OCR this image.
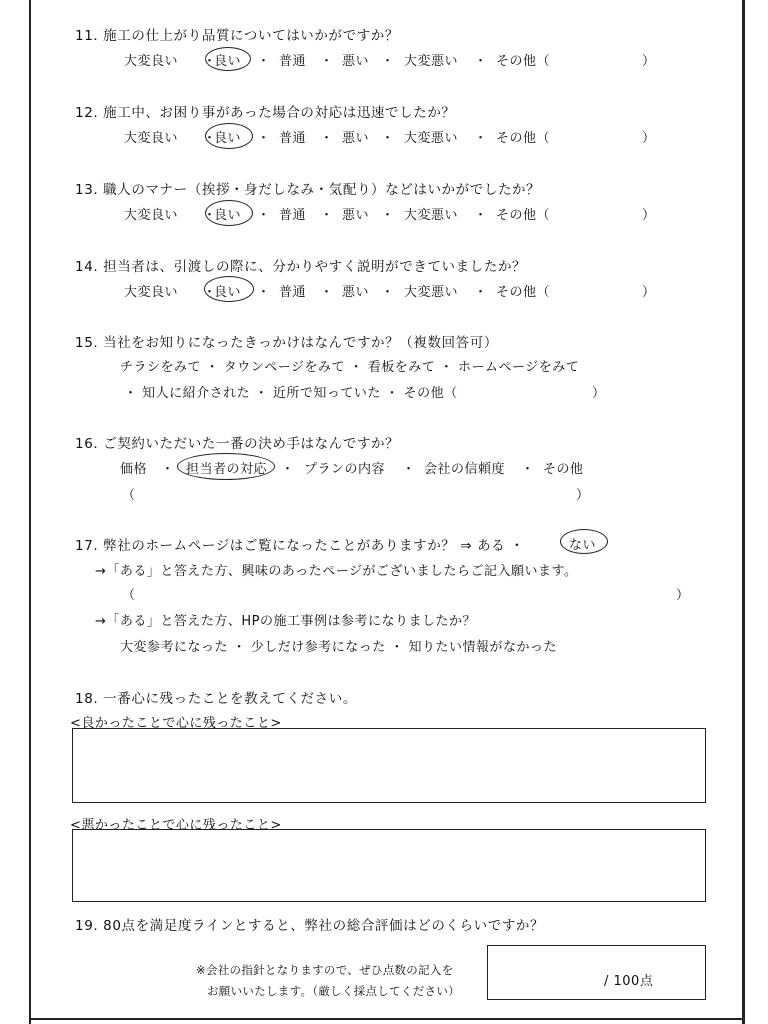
11. 施工の仕上がり品質についてはいかがですか？
大変良い ・
良い ・ 普通 ・ 悪い ・ 大変悪い ・ その他（	）
12. 施工中、お困り事があった場合の対応は迅速でしたか？
大変良い ・
良い ・ 普通 ・ 悪い ・ 大変悪い ・ その他（	）
13. 職人のマナー（挨拶・身だしなみ・気配り）などはいかがでしたか？
大変良い ・
良い ・ 普通 ・ 悪い ・ 大変悪い ・ その他（	）
14. 担当者は、引渡しの際に、分かりやすく説明ができていましたか？
大変良い ・
良い ・ 普通 ・ 悪い ・ 大変悪い ・ その他（	）
15. 当社をお知りになったきっかけはなんですか？（複数回答可）
チラシをみて ・ タウンページをみて ・ 看板をみて ・ ホームページをみて
・ 知人に紹介された ・ 近所で知っていた ・ その他（	）
16. ご契約いただいた一番の決め手はなんですか？
価格 ・ 担当者の対応 ・ プランの内容 ・ 会社の信頼度 ・ その他
（	）
17. 弊社のホームページはご覧になったことがありますか？ ⇒ ある ・	ない
→「ある」と答えた方、興味のあったページがございましたらご記入願います。
（	）
→「ある」と答えた方、HPの施工事例は参考になりましたか？
大変参考になった ・ 少しだけ参考になった ・ 知りたい情報がなかった
18. 一番心に残ったことを教えてください。
<良かったことで心に残ったこと>
<悪かったことで心に残ったこと>
19. 80点を満足度ラインとすると、弊社の総合評価はどのくらいですか？
※会社の指針となりますので、ぜひ点数の記入を
お願いいたします。（厳しく採点してください）
/ 100点
